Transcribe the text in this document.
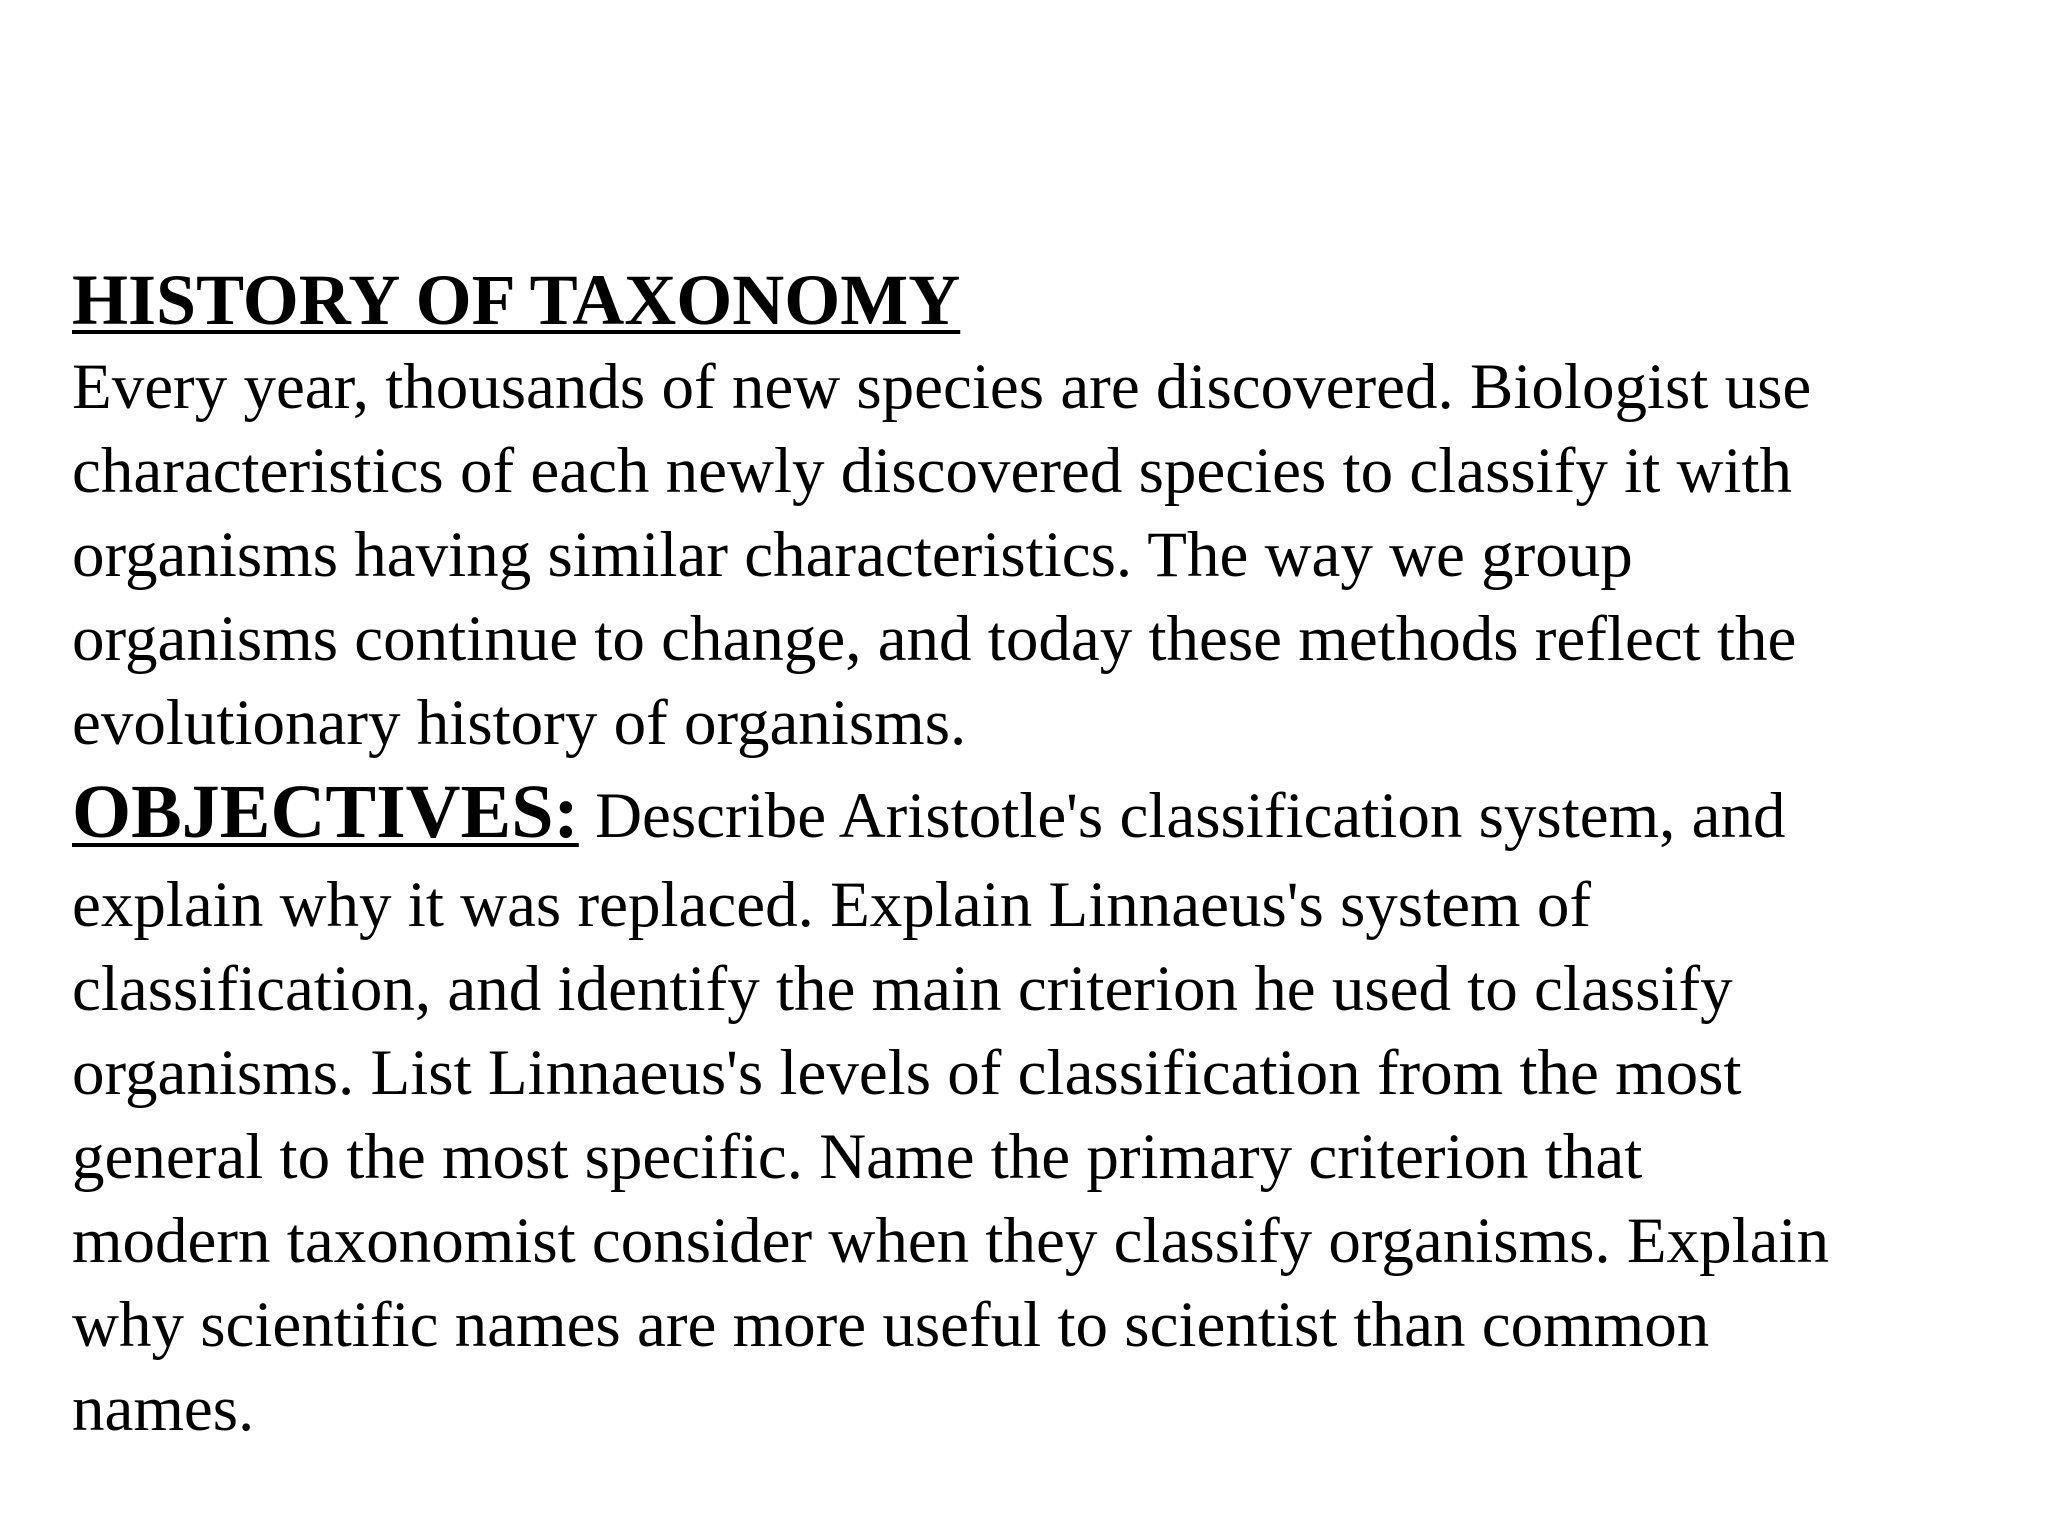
HISTORY OF TAXONOMY
Every year, thousands of new species are discovered. Biologist use
characteristics of each newly discovered species to classify it with
organisms having similar characteristics. The way we group
organisms continue to change, and today these methods reflect the
evolutionary history of organisms.
OBJECTIVES: Describe Aristotle's classification system, and
explain why it was replaced. Explain Linnaeus's system of
classification, and identify the main criterion he used to classify
organisms. List Linnaeus's levels of classification from the most
general to the most specific. Name the primary criterion that
modern taxonomist consider when they classify organisms. Explain
why scientific names are more useful to scientist than common
names.
